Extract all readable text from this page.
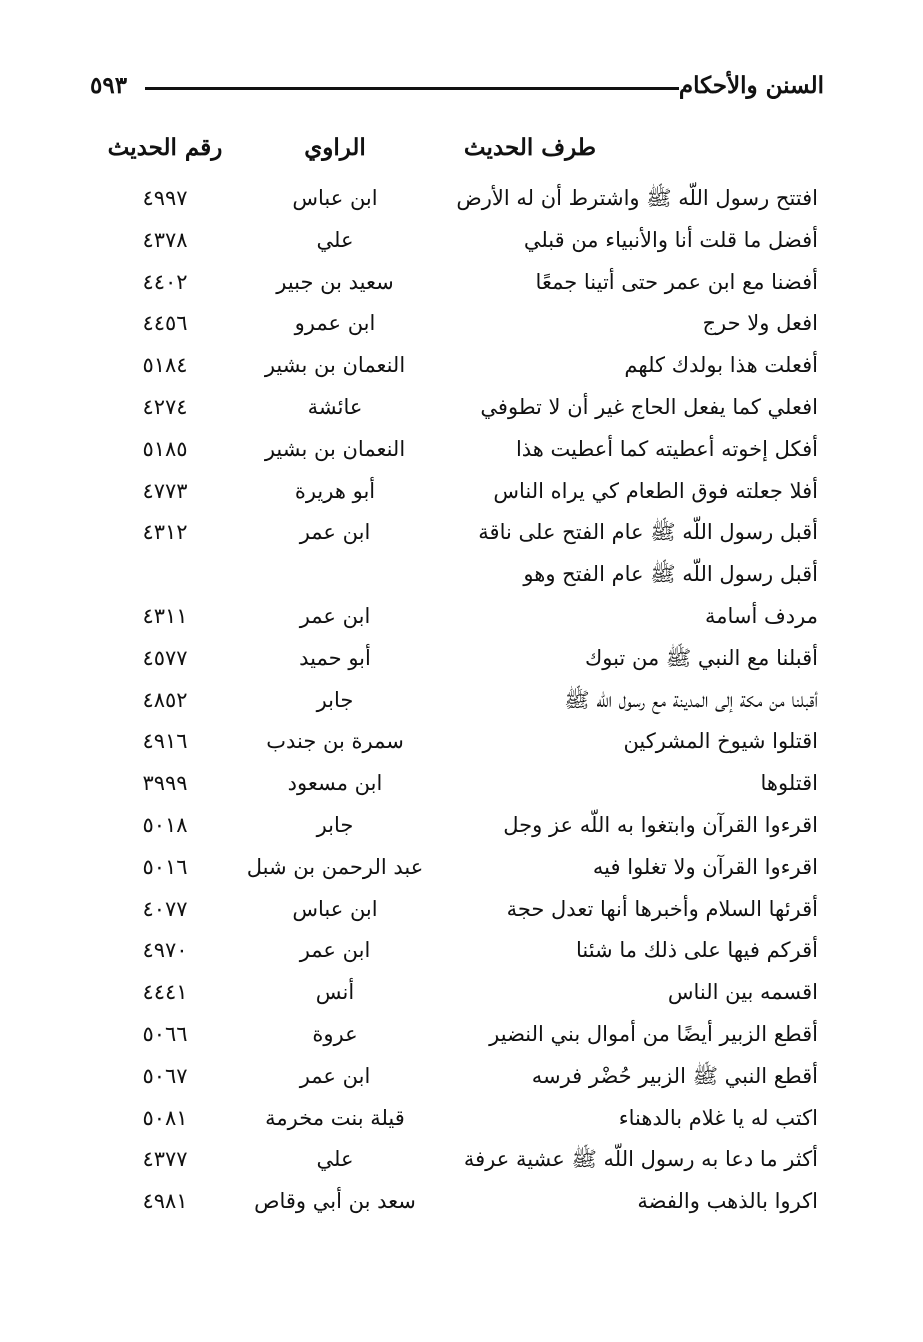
السنن والأحكام
٥٩٣
طرف الحديث
الراوي
رقم الحديث
افتتح رسول اللّه ﷺ واشترط أن له الأرض
ابن عباس
٤٩٩٧
أفضل ما قلت أنا والأنبياء من قبلي
علي
٤٣٧٨
أفضنا مع ابن عمر حتى أتينا جمعًا
سعيد بن جبير
٤٤٠٢
افعل ولا حرج
ابن عمرو
٤٤٥٦
أفعلت هذا بولدك كلهم
النعمان بن بشير
٥١٨٤
افعلي كما يفعل الحاج غير أن لا تطوفي
عائشة
٤٢٧٤
أفكل إخوته أعطيته كما أعطيت هذا
النعمان بن بشير
٥١٨٥
أفلا جعلته فوق الطعام كي يراه الناس
أبو هريرة
٤٧٧٣
أقبل رسول اللّه ﷺ عام الفتح على ناقة
ابن عمر
٤٣١٢
أقبل رسول اللّه ﷺ عام الفتح وهو
مردف أسامة
ابن عمر
٤٣١١
أقبلنا مع النبي ﷺ من تبوك
أبو حميد
٤٥٧٧
أقبلنا من مكة إلى المدينة مع رسول اللّه ﷺ
جابر
٤٨٥٢
اقتلوا شيوخ المشركين
سمرة بن جندب
٤٩١٦
اقتلوها
ابن مسعود
٣٩٩٩
اقرءوا القرآن وابتغوا به اللّه عز وجل
جابر
٥٠١٨
اقرءوا القرآن ولا تغلوا فيه
عبد الرحمن بن شبل
٥٠١٦
أقرئها السلام وأخبرها أنها تعدل حجة
ابن عباس
٤٠٧٧
أقركم فيها على ذلك ما شئنا
ابن عمر
٤٩٧٠
اقسمه بين الناس
أنس
٤٤٤١
أقطع الزبير أيضًا من أموال بني النضير
عروة
٥٠٦٦
أقطع النبي ﷺ الزبير حُضْر فرسه
ابن عمر
٥٠٦٧
اكتب له يا غلام بالدهناء
قيلة بنت مخرمة
٥٠٨١
أكثر ما دعا به رسول اللّه ﷺ عشية عرفة
علي
٤٣٧٧
اكروا بالذهب والفضة
سعد بن أبي وقاص
٤٩٨١
